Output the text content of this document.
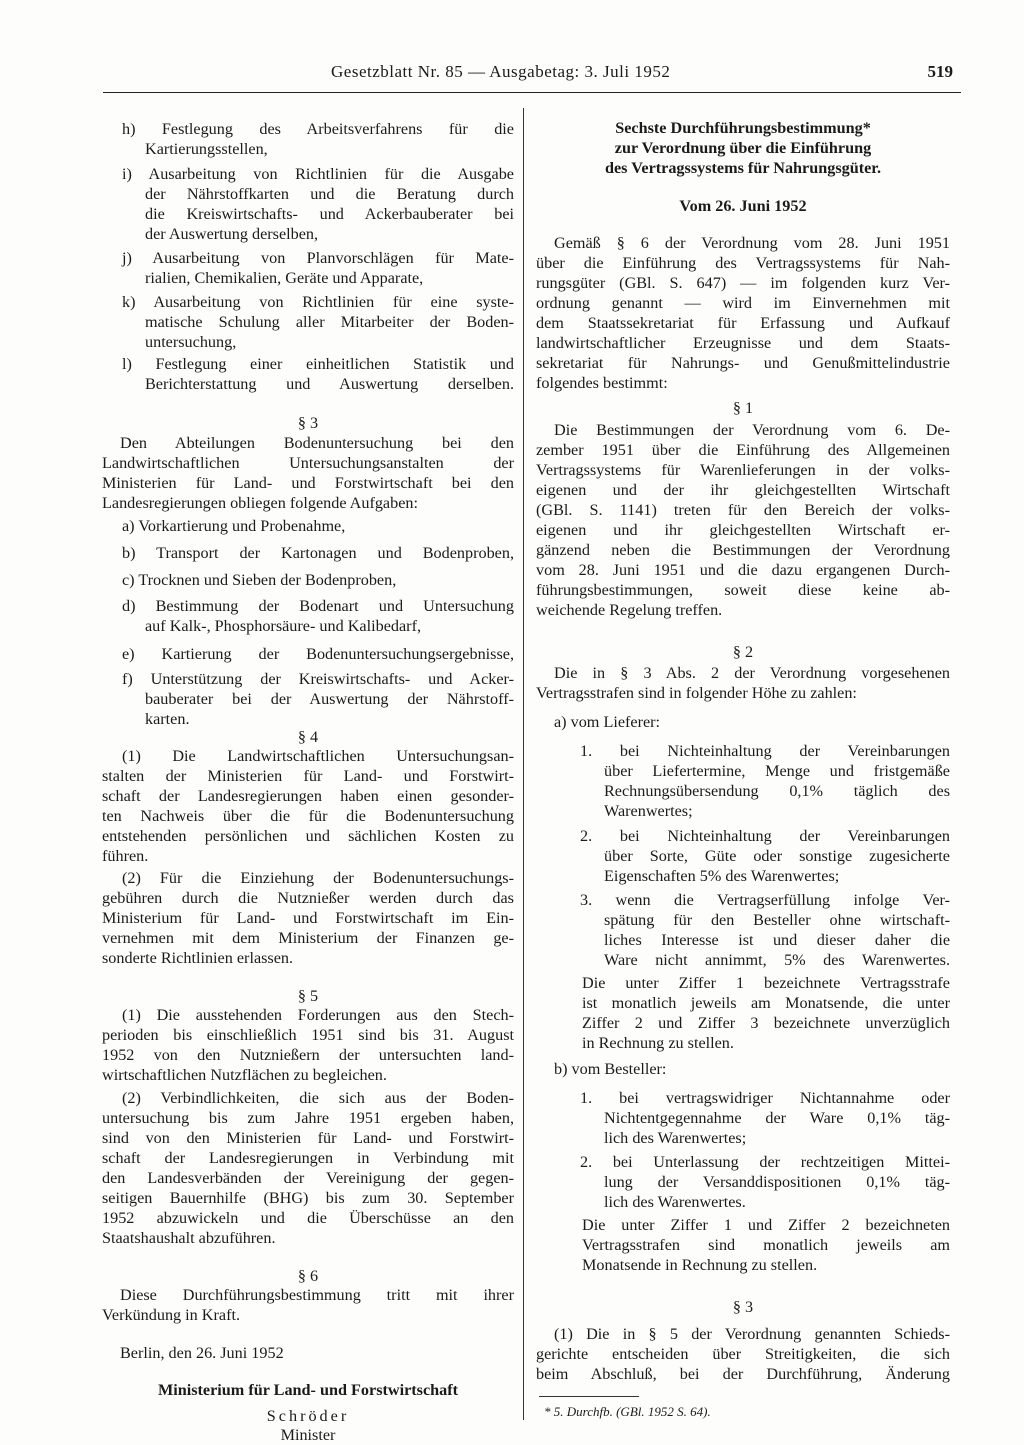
Gesetzblatt Nr. 85 — Ausgabetag: 3. Juli 1952	519
h) Festlegung des Arbeitsverfahrens für die
Kartierungsstellen,
i) Ausarbeitung von Richtlinien für die Ausgabe
der Nährstoffkarten und die Beratung durch
die Kreiswirtschafts- und Ackerbauberater bei
der Auswertung derselben,
j) Ausarbeitung von Planvorschlägen für Mate-
rialien, Chemikalien, Geräte und Apparate,
k) Ausarbeitung von Richtlinien für eine syste-
matische Schulung aller Mitarbeiter der Boden-
untersuchung,
l) Festlegung einer einheitlichen Statistik und
Berichterstattung und Auswertung derselben.
§ 3
Den Abteilungen Bodenuntersuchung bei den
Landwirtschaftlichen Untersuchungsanstalten der
Ministerien für Land- und Forstwirtschaft bei den
Landesregierungen obliegen folgende Aufgaben:
a) Vorkartierung und Probenahme,
b) Transport der Kartonagen und Bodenproben,
c) Trocknen und Sieben der Bodenproben,
d) Bestimmung der Bodenart und Untersuchung
auf Kalk-, Phosphorsäure- und Kalibedarf,
e) Kartierung der Bodenuntersuchungsergebnisse,
f) Unterstützung der Kreiswirtschafts- und Acker-
bauberater bei der Auswertung der Nährstoff-
karten.
§ 4
(1) Die Landwirtschaftlichen Untersuchungsan-
stalten der Ministerien für Land- und Forstwirt-
schaft der Landesregierungen haben einen gesonder-
ten Nachweis über die für die Bodenuntersuchung
entstehenden persönlichen und sächlichen Kosten zu
führen.
(2) Für die Einziehung der Bodenuntersuchungs-
gebühren durch die Nutznießer werden durch das
Ministerium für Land- und Forstwirtschaft im Ein-
vernehmen mit dem Ministerium der Finanzen ge-
sonderte Richtlinien erlassen.
§ 5
(1) Die ausstehenden Forderungen aus den Stech-
perioden bis einschließlich 1951 sind bis 31. August
1952 von den Nutznießern der untersuchten land-
wirtschaftlichen Nutzflächen zu begleichen.
(2) Verbindlichkeiten, die sich aus der Boden-
untersuchung bis zum Jahre 1951 ergeben haben,
sind von den Ministerien für Land- und Forstwirt-
schaft der Landesregierungen in Verbindung mit
den Landesverbänden der Vereinigung der gegen-
seitigen Bauernhilfe (BHG) bis zum 30. September
1952 abzuwickeln und die Überschüsse an den
Staatshaushalt abzuführen.
§ 6
Diese Durchführungsbestimmung tritt mit ihrer
Verkündung in Kraft.
Berlin, den 26. Juni 1952
Ministerium für Land- und Forstwirtschaft
Schröder
Minister
Sechste Durchführungsbestimmung*
zur Verordnung über die Einführung
des Vertragssystems für Nahrungsgüter.
Vom 26. Juni 1952
Gemäß § 6 der Verordnung vom 28. Juni 1951
über die Einführung des Vertragssystems für Nah-
rungsgüter (GBl. S. 647) — im folgenden kurz Ver-
ordnung genannt — wird im Einvernehmen mit
dem Staatssekretariat für Erfassung und Aufkauf
landwirtschaftlicher Erzeugnisse und dem Staats-
sekretariat für Nahrungs- und Genußmittelindustrie
folgendes bestimmt:
§ 1
Die Bestimmungen der Verordnung vom 6. De-
zember 1951 über die Einführung des Allgemeinen
Vertragssystems für Warenlieferungen in der volks-
eigenen und der ihr gleichgestellten Wirtschaft
(GBl. S. 1141) treten für den Bereich der volks-
eigenen und ihr gleichgestellten Wirtschaft er-
gänzend neben die Bestimmungen der Verordnung
vom 28. Juni 1951 und die dazu ergangenen Durch-
führungsbestimmungen, soweit diese keine ab-
weichende Regelung treffen.
§ 2
Die in § 3 Abs. 2 der Verordnung vorgesehenen
Vertragsstrafen sind in folgender Höhe zu zahlen:
a) vom Lieferer:
1. bei Nichteinhaltung der Vereinbarungen
über Liefertermine, Menge und fristgemäße
Rechnungsübersendung 0,1% täglich des
Warenwertes;
2. bei Nichteinhaltung der Vereinbarungen
über Sorte, Güte oder sonstige zugesicherte
Eigenschaften 5% des Warenwertes;
3. wenn die Vertragserfüllung infolge Ver-
spätung für den Besteller ohne wirtschaft-
liches Interesse ist und dieser daher die
Ware nicht annimmt, 5% des Warenwertes.
Die unter Ziffer 1 bezeichnete Vertragsstrafe
ist monatlich jeweils am Monatsende, die unter
Ziffer 2 und Ziffer 3 bezeichnete unverzüglich
in Rechnung zu stellen.
b) vom Besteller:
1. bei vertragswidriger Nichtannahme oder
Nichtentgegennahme der Ware 0,1% täg-
lich des Warenwertes;
2. bei Unterlassung der rechtzeitigen Mittei-
lung der Versanddispositionen 0,1% täg-
lich des Warenwertes.
Die unter Ziffer 1 und Ziffer 2 bezeichneten
Vertragsstrafen sind monatlich jeweils am
Monatsende in Rechnung zu stellen.
§ 3
(1) Die in § 5 der Verordnung genannten Schieds-
gerichte entscheiden über Streitigkeiten, die sich
beim Abschluß, bei der Durchführung, Änderung
* 5. Durchfb. (GBl. 1952 S. 64).
